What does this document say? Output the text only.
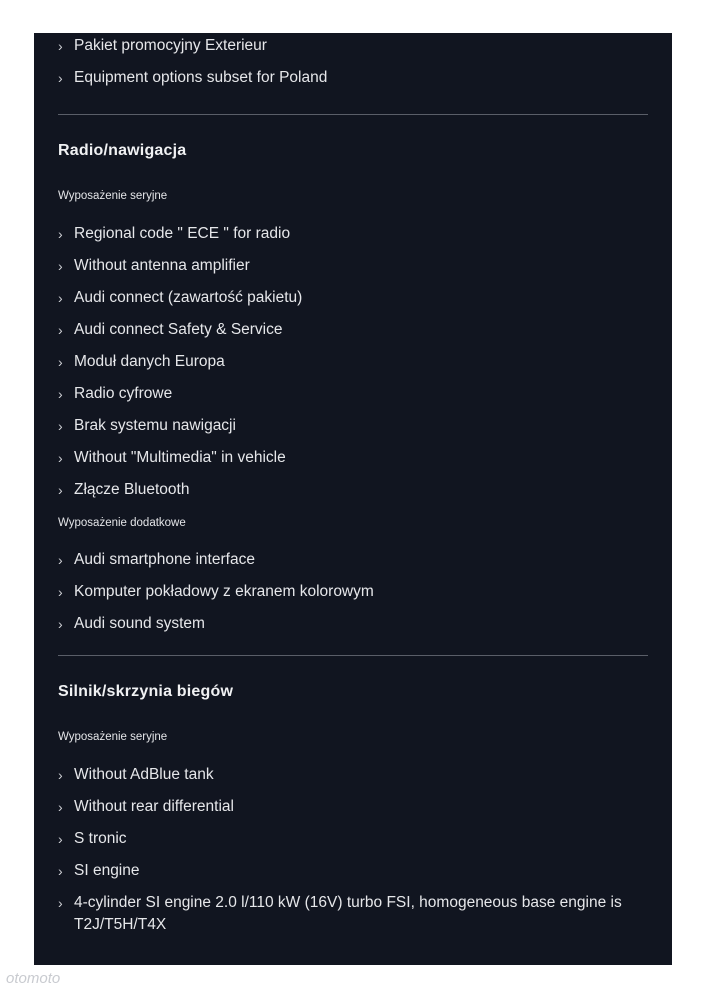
› Pakiet promocyjny Exterieur
› Equipment options subset for Poland
Radio/nawigacja
Wyposażenie seryjne
› Regional code " ECE " for radio
› Without antenna amplifier
› Audi connect (zawartość pakietu)
› Audi connect Safety & Service
› Moduł danych Europa
› Radio cyfrowe
› Brak systemu nawigacji
› Without "Multimedia" in vehicle
› Złącze Bluetooth
Wyposażenie dodatkowe
› Audi smartphone interface
› Komputer pokładowy z ekranem kolorowym
› Audi sound system
Silnik/skrzynia biegów
Wyposażenie seryjne
› Without AdBlue tank
› Without rear differential
› S tronic
› SI engine
› 4-cylinder SI engine 2.0 l/110 kW (16V) turbo FSI, homogeneous base engine is T2J/T5H/T4X
otomoto
